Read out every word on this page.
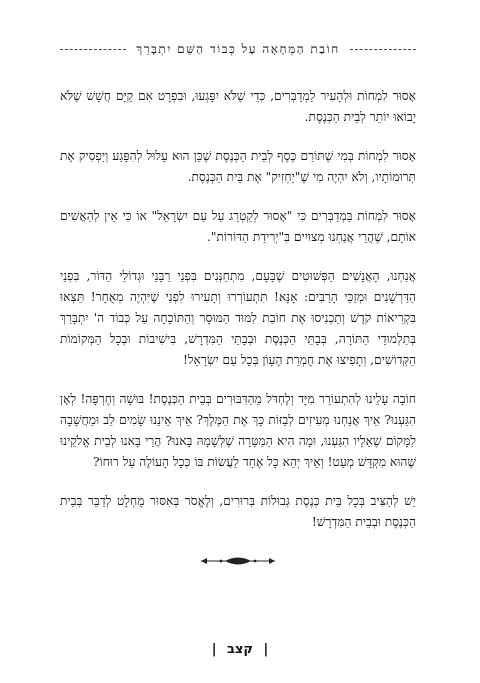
חוֹבַת הַמְּחָאָה עַל כְּבוֹד הַשֵּׁם יִתְבָּרֵךְ

אָסוּר לִמְחוֹת וּלְהָעִיר לַמְדַבְּרִים, כְּדֵי שֶׁלֹּא יִפָּגְעוּ, וּבִפְרָט אִם קַיָּם חֲשָׁשׁ שֶׁלֹּא יָבוֹאוּ יוֹתֵר לְבֵית הַכְּנֶסֶת.

אָסוּר לִמְחוֹת בְּמִי שֶׁתּוֹרֵם כֶּסֶף לְבֵית הַכְּנֶסֶת שֶׁכֵּן הוּא עָלוּל לְהִפָּגַע וְיַפְסִיק אֶת תְּרוּמוֹתָיו, וְלֹא יִהְיֶה מִי שֶׁ"יַחְזִיק" אֶת בֵּית הַכְּנֶסֶת.

אָסוּר לִמְחוֹת בַּמְדַבְּרִים כִּי "אָסוּר לְקַטְרֵג עַל עַם יִשְׂרָאֵל" אוֹ כִּי אֵין לְהַאֲשִׁים אוֹתָם, שֶׁהֲרֵי אֲנַחְנוּ מְצוּיִים בִּ"יְרִידַת הַדּוֹרוֹת".

אֲנַחְנוּ, הָאֲנָשִׁים הַפְּשׁוּטִים שֶׁבָּעָם, מִתְחַנְּנִים בִּפְנֵי רַבָּנֵי וּגְדוֹלֵי הַדּוֹר, בִּפְנֵי הַדַּרְשָׁנִים וּמְזַכֵּי הָרַבִּים: אָנָּא! תִּתְעוֹרְרוּ וְתָעִירוּ לִפְנֵי שֶׁיִּהְיֶה מְאֻחָר! תֵּצְאוּ בִּקְרִיאוֹת קֹדֶשׁ וְתַכְנִיסוּ אֶת חוֹבַת לִמּוּד הַמּוּסָר וְהַתּוֹכָחָה עַל כְּבוֹד ה' יִתְבָּרַךְ בְּתַלְמוּדֵי הַתּוֹרָה, בְּבָתֵּי הַכְּנֶסֶת וּבְבָתֵּי הַמִּדְרָשׁ, בִּישִׁיבוֹת וּבְכָל הַמְּקוֹמוֹת הַקְּדוֹשִׁים, וְתָפִיצוּ אֶת חֻמְרַת הֶעָוֹן בְּכָל עַם יִשְׂרָאֵל!

חוֹבָה עָלֵינוּ לְהִתְעוֹרֵר מִיָּד וְלֶחְדֹּל מֵהַדִּבּוּרִים בְּבֵית הַכְּנֶסֶת! בּוּשָׁה וְחֶרְפָּה! לְאָן הִגַּעְנוּ? אֵיךְ אֲנַחְנוּ מְעִיזִים לְבַזּוֹת כָּךְ אֶת הַמֶּלֶךְ? אֵיךְ אֵינֵנוּ שָׂמִים לֵב וּמַחֲשָׁבָה לַמָּקוֹם שֶׁאֵלָיו הִגַּעְנוּ, וּמָה הִיא הַמַּטָּרָה שֶׁלְּשָׁמָהּ בָּאנוּ? הֲרֵי בָּאנוּ לְבֵית אֱלֹקֵינוּ שֶׁהוּא מִקְדָּשׁ מְעַט! וְאֵיךְ יְהֵא כָּל אֶחָד לַעֲשׂוֹת בּוֹ כְּכָל הָעוֹלֶה עַל רוּחוֹ?

יֵשׁ לְהַצִּיב בְּכָל בֵּית כְּנֶסֶת גְּבוּלוֹת בְּרוּרִים, וְלֶאֱסֹר בְּאִסּוּר מֻחְלָט לְדַבֵּר בְּבֵית הַכְּנֶסֶת וּבְבֵית הַמִּדְרָשׁ!

| קצב |
